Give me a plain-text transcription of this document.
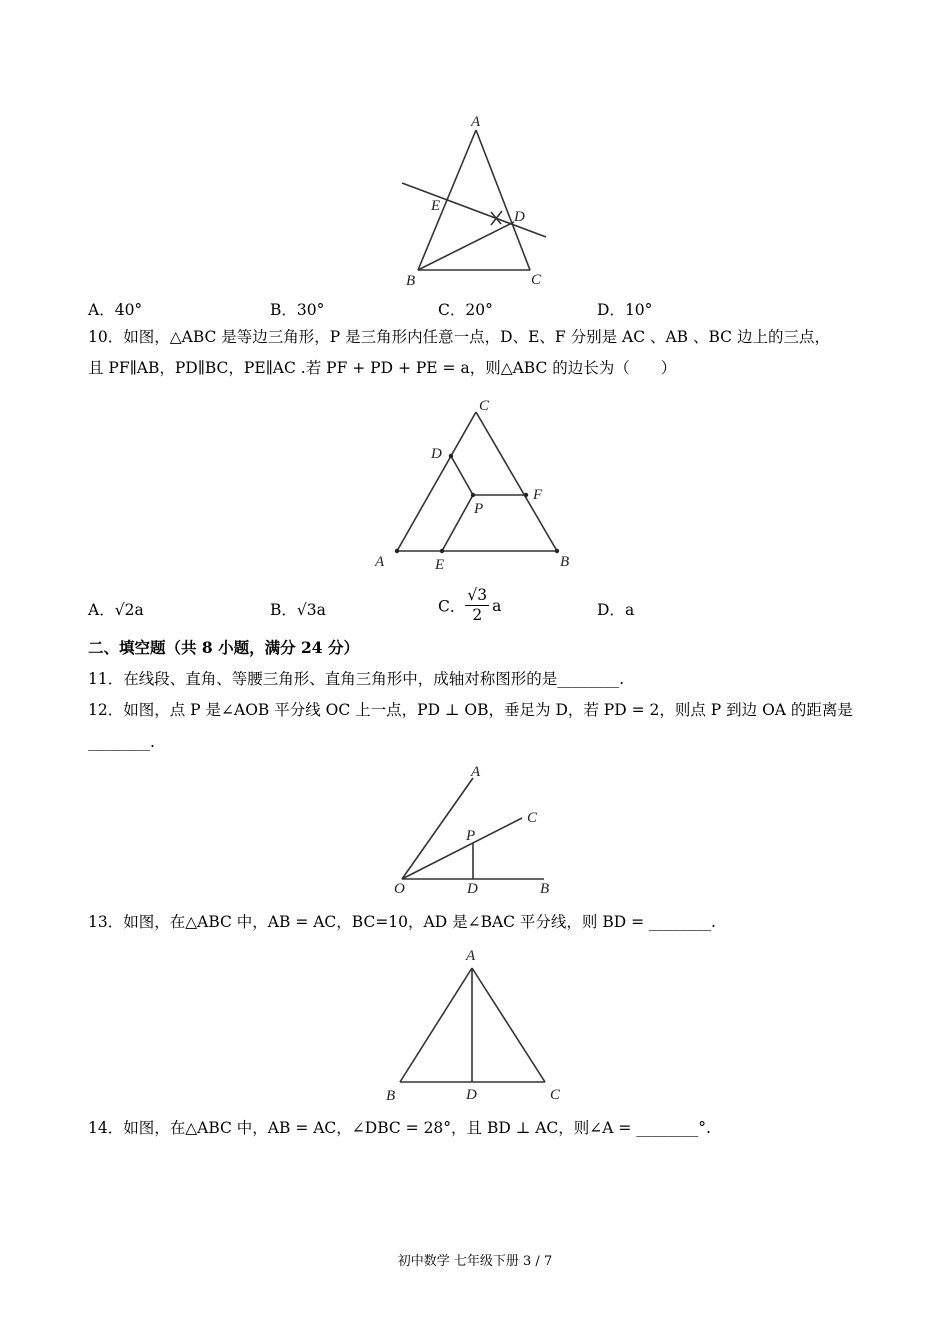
A
E
D
B	C
A．40°	B．30°	C．20°	D．10°
10．如图，△ABC 是等边三角形，P 是三角形内任意一点，D、E、F 分别是 AC 、AB 、BC 边上的三点，
且 PF∥AB，PD∥BC，PE∥AC .若 PF + PD + PE = a，则△ABC 的边长为（　　）
C
D
F
P
A	E	B
A．√2a	B．√3a	C． $\frac{√3}{2}$ a	D．a
二、填空题（共 8 小题，满分 24 分）
11．在线段、直角、等腰三角形、直角三角形中，成轴对称图形的是________.
12．如图，点 P 是∠AOB 平分线 OC 上一点，PD ⊥ OB，垂足为 D，若 PD = 2，则点 P 到边 OA 的距离是
________.
A
C
P
O	D	B
13．如图，在△ABC 中，AB = AC，BC=10，AD 是∠BAC 平分线，则 BD = ________.
A
B	D	C
14．如图，在△ABC 中，AB = AC，∠DBC = 28°，且 BD ⊥ AC，则∠A = ________°.
初中数学 七年级下册 3 / 7
